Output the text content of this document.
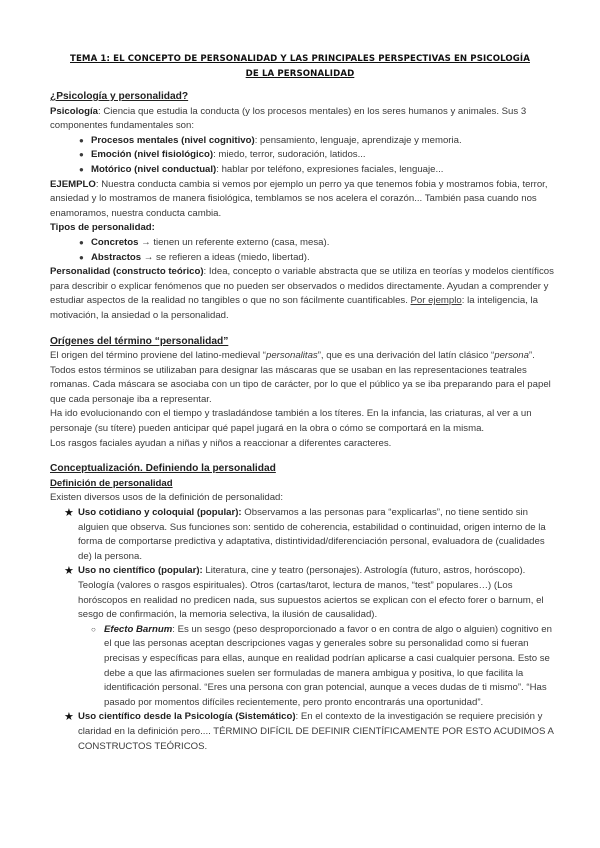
TEMA 1: EL CONCEPTO DE PERSONALIDAD Y LAS PRINCIPALES PERSPECTIVAS EN PSICOLOGÍA
DE LA PERSONALIDAD

¿Psicología y personalidad?

Psicología: Ciencia que estudia la conducta (y los procesos mentales) en los seres humanos y animales. Sus 3 componentes fundamentales son:

● Procesos mentales (nivel cognitivo): pensamiento, lenguaje, aprendizaje y memoria.
● Emoción (nivel fisiológico): miedo, terror, sudoración, latidos...
● Motórico (nivel conductual): hablar por teléfono, expresiones faciales, lenguaje...

EJEMPLO: Nuestra conducta cambia si vemos por ejemplo un perro ya que tenemos fobia y mostramos fobia, terror, ansiedad y lo mostramos de manera fisiológica, temblamos se nos acelera el corazón... También pasa cuando nos enamoramos, nuestra conducta cambia.

Tipos de personalidad:

● Concretos → tienen un referente externo (casa, mesa).
● Abstractos → se refieren a ideas (miedo, libertad).

Personalidad (constructo teórico): Idea, concepto o variable abstracta que se utiliza en teorías y modelos científicos para describir o explicar fenómenos que no pueden ser observados o medidos directamente. Ayudan a comprender y estudiar aspectos de la realidad no tangibles o que no son fácilmente cuantificables. Por ejemplo: la inteligencia, la motivación, la ansiedad o la personalidad.

Orígenes del término “personalidad”

El origen del término proviene del latino-medieval “personalitas”, que es una derivación del latín clásico “persona”. Todos estos términos se utilizaban para designar las máscaras que se usaban en las representaciones teatrales romanas. Cada máscara se asociaba con un tipo de carácter, por lo que el público ya se iba preparando para el papel que cada personaje iba a representar.

Ha ido evolucionando con el tiempo y trasladándose también a los títeres. En la infancia, las criaturas, al ver a un personaje (su títere) pueden anticipar qué papel jugará en la obra o cómo se comportará en la misma.

Los rasgos faciales ayudan a niñas y niños a reaccionar a diferentes caracteres.

Conceptualización. Definiendo la personalidad

Definición de personalidad

Existen diversos usos de la definición de personalidad:

★ Uso cotidiano y coloquial (popular): Observamos a las personas para “explicarlas”, no tiene sentido sin alguien que observa. Sus funciones son: sentido de coherencia, estabilidad o continuidad, origen interno de la forma de comportarse predictiva y adaptativa, distintividad/diferenciación personal, evaluadora de (cualidades de) la persona.
★ Uso no científico (popular): Literatura, cine y teatro (personajes). Astrología (futuro, astros, horóscopo). Teología (valores o rasgos espirituales). Otros (cartas/tarot, lectura de manos, “test” populares…) (Los horóscopos en realidad no predicen nada, sus supuestos aciertos se explican con el efecto forer o barnum, el sesgo de confirmación, la memoria selectiva, la ilusión de causalidad).
○ Efecto Barnum: Es un sesgo (peso desproporcionado a favor o en contra de algo o alguien) cognitivo en el que las personas aceptan descripciones vagas y generales sobre su personalidad como si fueran precisas y específicas para ellas, aunque en realidad podrían aplicarse a casi cualquier persona. Esto se debe a que las afirmaciones suelen ser formuladas de manera ambigua y positiva, lo que facilita la identificación personal. “Eres una persona con gran potencial, aunque a veces dudas de ti mismo”. “Has pasado por momentos difíciles recientemente, pero pronto encontrarás una oportunidad”.
★ Uso científico desde la Psicología (Sistemático): En el contexto de la investigación se requiere precisión y claridad en la definición pero.... TÉRMINO DIFÍCIL DE DEFINIR CIENTÍFICAMENTE POR ESTO ACUDIMOS A CONSTRUCTOS TEÓRICOS.
